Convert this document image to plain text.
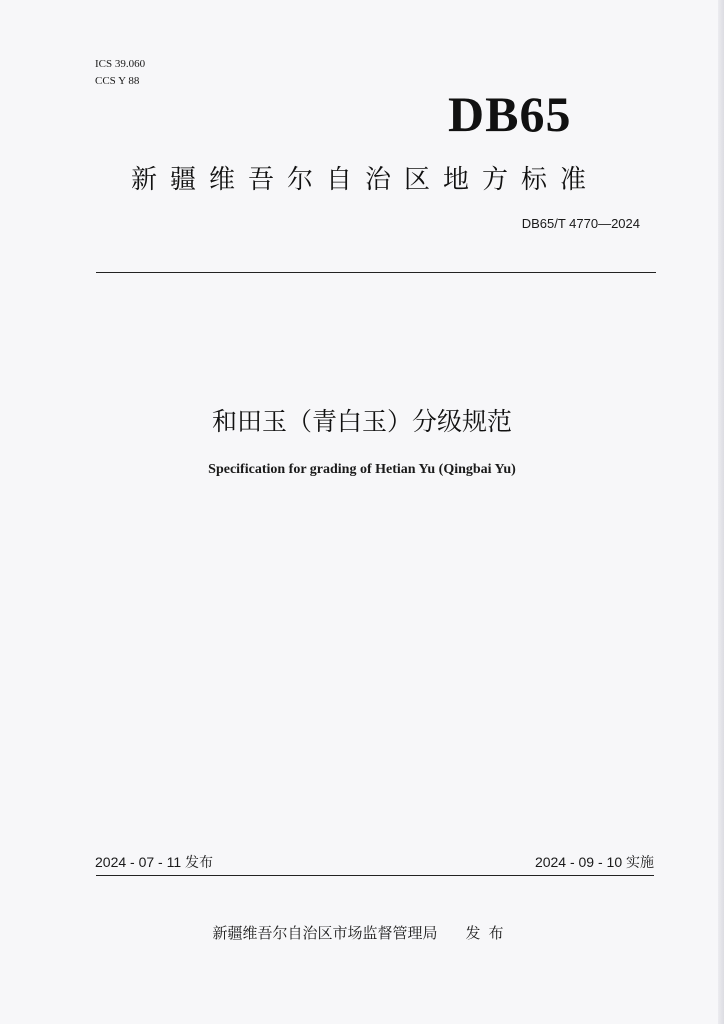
ICS 39.060
CCS Y 88
DB65
新疆维吾尔自治区地方标准
DB65/T 4770—2024
和田玉（青白玉）分级规范
Specification for grading of Hetian Yu (Qingbai Yu)
2024 - 07 - 11 发布	2024 - 09 - 10 实施
新疆维吾尔自治区市场监督管理局 发布
